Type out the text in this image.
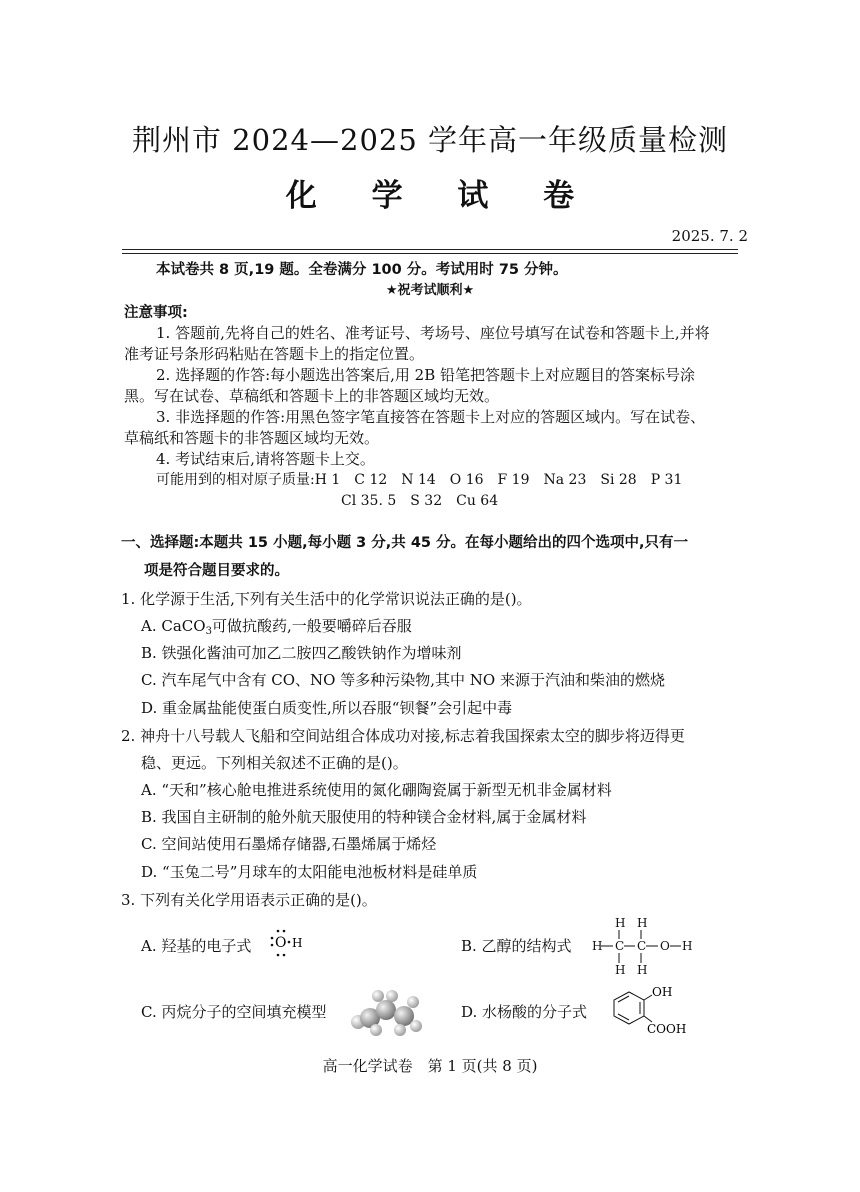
荆州市 2024—2025 学年高一年级质量检测
化 学 试 卷
2025. 7. 2

本试卷共 8 页,19 题。全卷满分 100 分。考试用时 75 分钟。

★祝考试顺利★

注意事项:

1. 答题前,先将自己的姓名、准考证号、考场号、座位号填写在试卷和答题卡上,并将

准考证号条形码粘贴在答题卡上的指定位置。

2. 选择题的作答:每小题选出答案后,用 2B 铅笔把答题卡上对应题目的答案标号涂

黑。写在试卷、草稿纸和答题卡上的非答题区域均无效。

3. 非选择题的作答:用黑色签字笔直接答在答题卡上对应的答题区域内。写在试卷、

草稿纸和答题卡的非答题区域均无效。

4. 考试结束后,请将答题卡上交。

可能用到的相对原子质量:H 1　C 12　N 14　O 16　F 19　Na 23　Si 28　P 31

Cl 35. 5　S 32　Cu 64

一、选择题:本题共 15 小题,每小题 3 分,共 45 分。在每小题给出的四个选项中,只有一

项是符合题目要求的。

1. 化学源于生活,下列有关生活中的化学常识说法正确的是()。

A. CaCO$_3$可做抗酸药,一般要嚼碎后吞服

B. 铁强化酱油可加乙二胺四乙酸铁钠作为增味剂

C. 汽车尾气中含有 CO、NO 等多种污染物,其中 NO 来源于汽油和柴油的燃烧

D. 重金属盐能使蛋白质变性,所以吞服“钡餐”会引起中毒

2. 神舟十八号载人飞船和空间站组合体成功对接,标志着我国探索太空的脚步将迈得更

稳、更远。下列相关叙述不正确的是()。

A. “天和”核心舱电推进系统使用的氮化硼陶瓷属于新型无机非金属材料

B. 我国自主研制的舱外航天服使用的特种镁合金材料,属于金属材料

C. 空间站使用石墨烯存储器,石墨烯属于烯烃

D. “玉兔二号”月球车的太阳能电池板材料是硅单质

3. 下列有关化学用语表示正确的是()。

A. 羟基的电子式 O H	B. 乙醇的结构式

H H
H C C O H
H H

C. 丙烷分子的空间填充模型	D. 水杨酸的分子式

OH
COOH
高一化学试卷　第 1 页(共 8 页)
